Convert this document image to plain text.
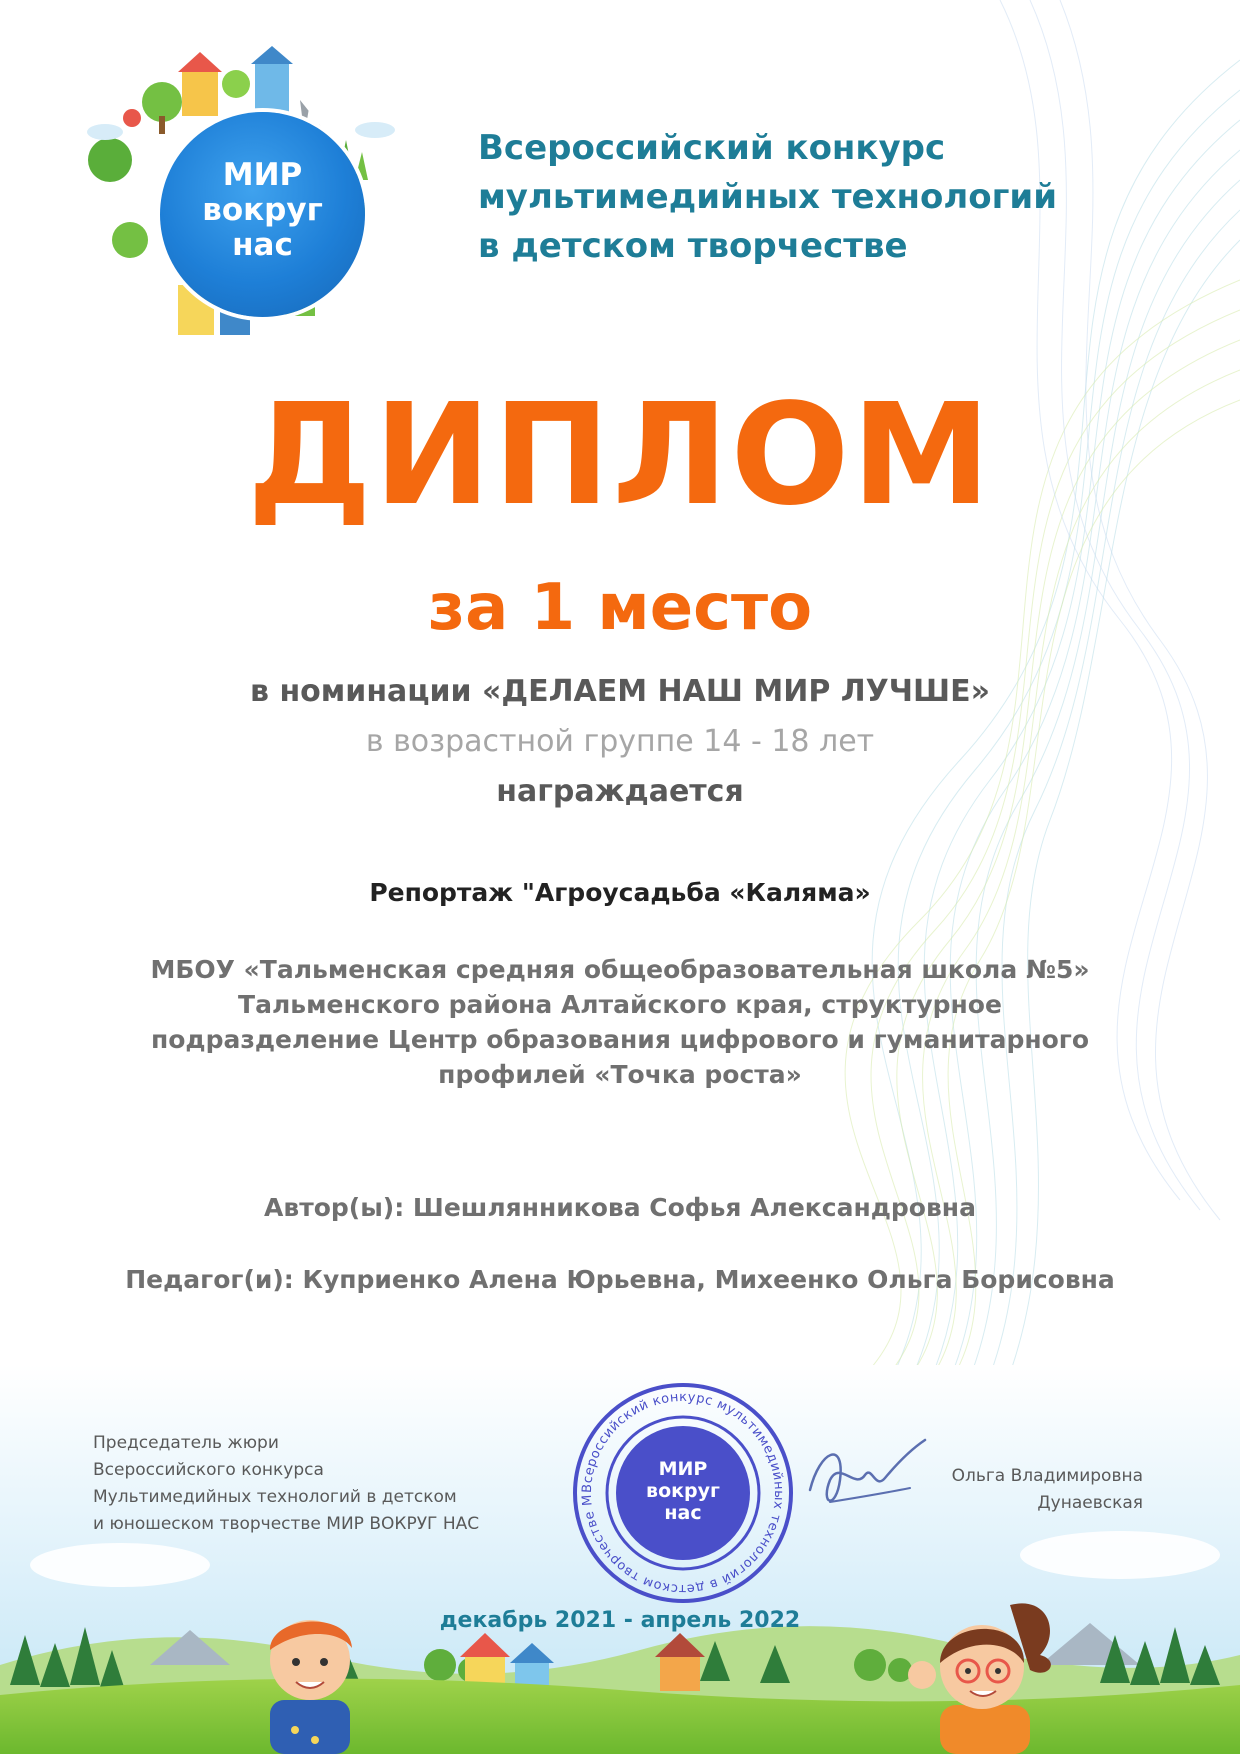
МИР
вокруг
нас
Всероссийский конкурс
мультимедийных технологий
в детском творчестве
ДИПЛОМ
за 1 место
в номинации «ДЕЛАЕМ НАШ МИР ЛУЧШЕ»
в возрастной группе 14 - 18 лет
награждается
Репортаж "Агроусадьба «Каляма»
МБОУ «Тальменская средняя общеобразовательная школа №5»
Тальменского района Алтайского края, структурное
подразделение Центр образования цифрового и гуманитарного
профилей «Точка роста»
Автор(ы): Шешлянникова Софья Александровна
Педагог(и): Куприенко Алена Юрьевна, Михеенко Ольга Борисовна
Председатель жюри
Всероссийского конкурса
Мультимедийных технологий в детском
и юношеском творчестве МИР ВОКРУГ НАС
Ольга Владимировна
Дунаевская
Всероссийский конкурс мультимедийных технологий в детском творчестве М
МИР
вокруг
нас
декабрь 2021 - апрель 2022
